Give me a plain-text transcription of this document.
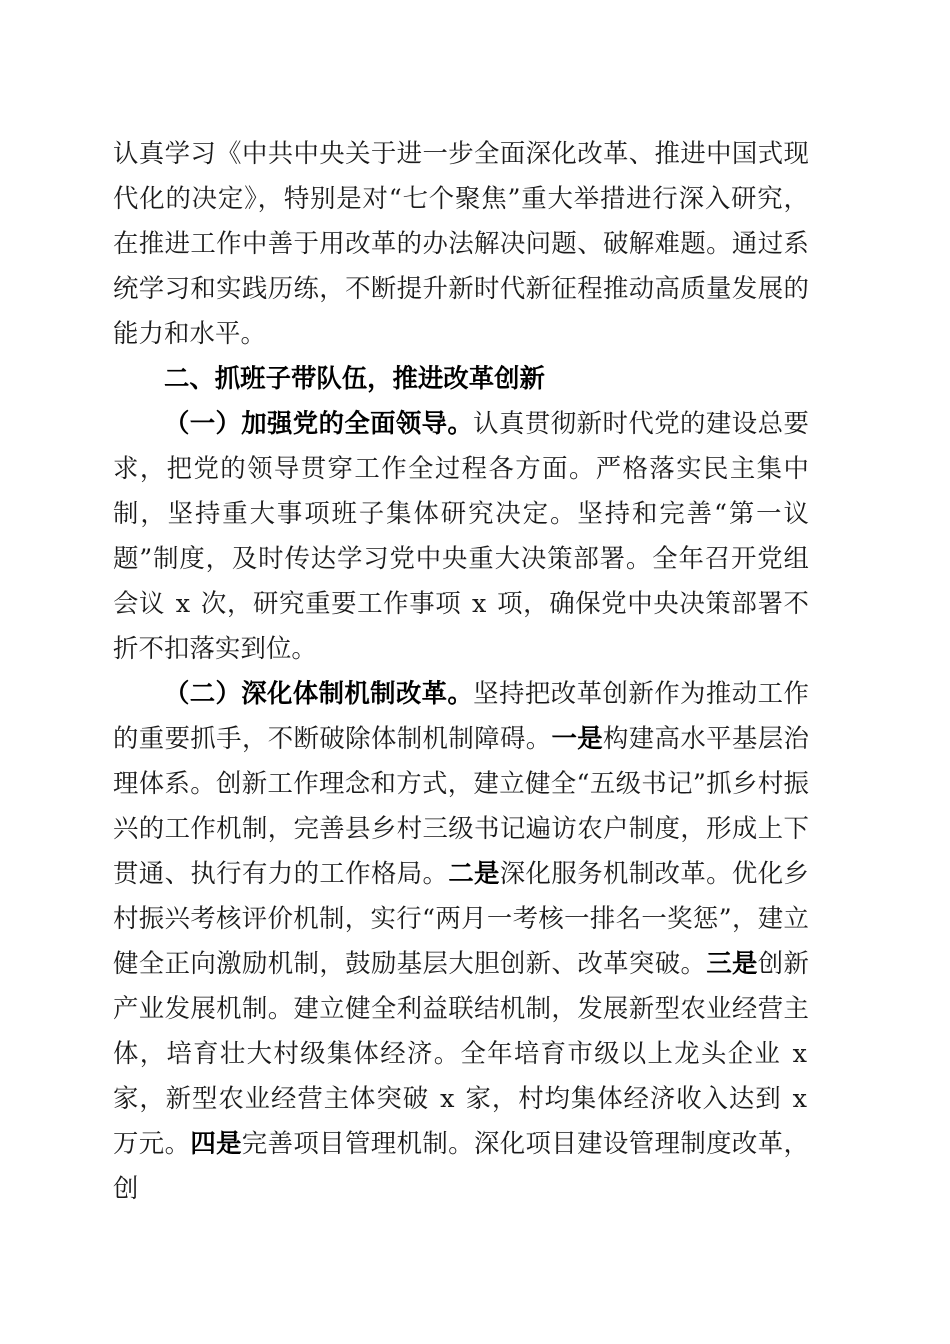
认真学习《中共中央关于进一步全面深化改革、推进中国式现代化的决定》，特别是对“七个聚焦”重大举措进行深入研究，在推进工作中善于用改革的办法解决问题、破解难题。通过系统学习和实践历练，不断提升新时代新征程推动高质量发展的能力和水平。

二、抓班子带队伍，推进改革创新

（一）加强党的全面领导。认真贯彻新时代党的建设总要求，把党的领导贯穿工作全过程各方面。严格落实民主集中制，坚持重大事项班子集体研究决定。坚持和完善“第一议题”制度，及时传达学习党中央重大决策部署。全年召开党组会议 x 次，研究重要工作事项 x 项，确保党中央决策部署不折不扣落实到位。

（二）深化体制机制改革。坚持把改革创新作为推动工作的重要抓手，不断破除体制机制障碍。一是构建高水平基层治理体系。创新工作理念和方式，建立健全“五级书记”抓乡村振兴的工作机制，完善县乡村三级书记遍访农户制度，形成上下贯通、执行有力的工作格局。二是深化服务机制改革。优化乡村振兴考核评价机制，实行“两月一考核一排名一奖惩”，建立健全正向激励机制，鼓励基层大胆创新、改革突破。三是创新产业发展机制。建立健全利益联结机制，发展新型农业经营主体，培育壮大村级集体经济。全年培育市级以上龙头企业 x 家，新型农业经营主体突破 x 家，村均集体经济收入达到 x 万元。四是完善项目管理机制。深化项目建设管理制度改革，创
